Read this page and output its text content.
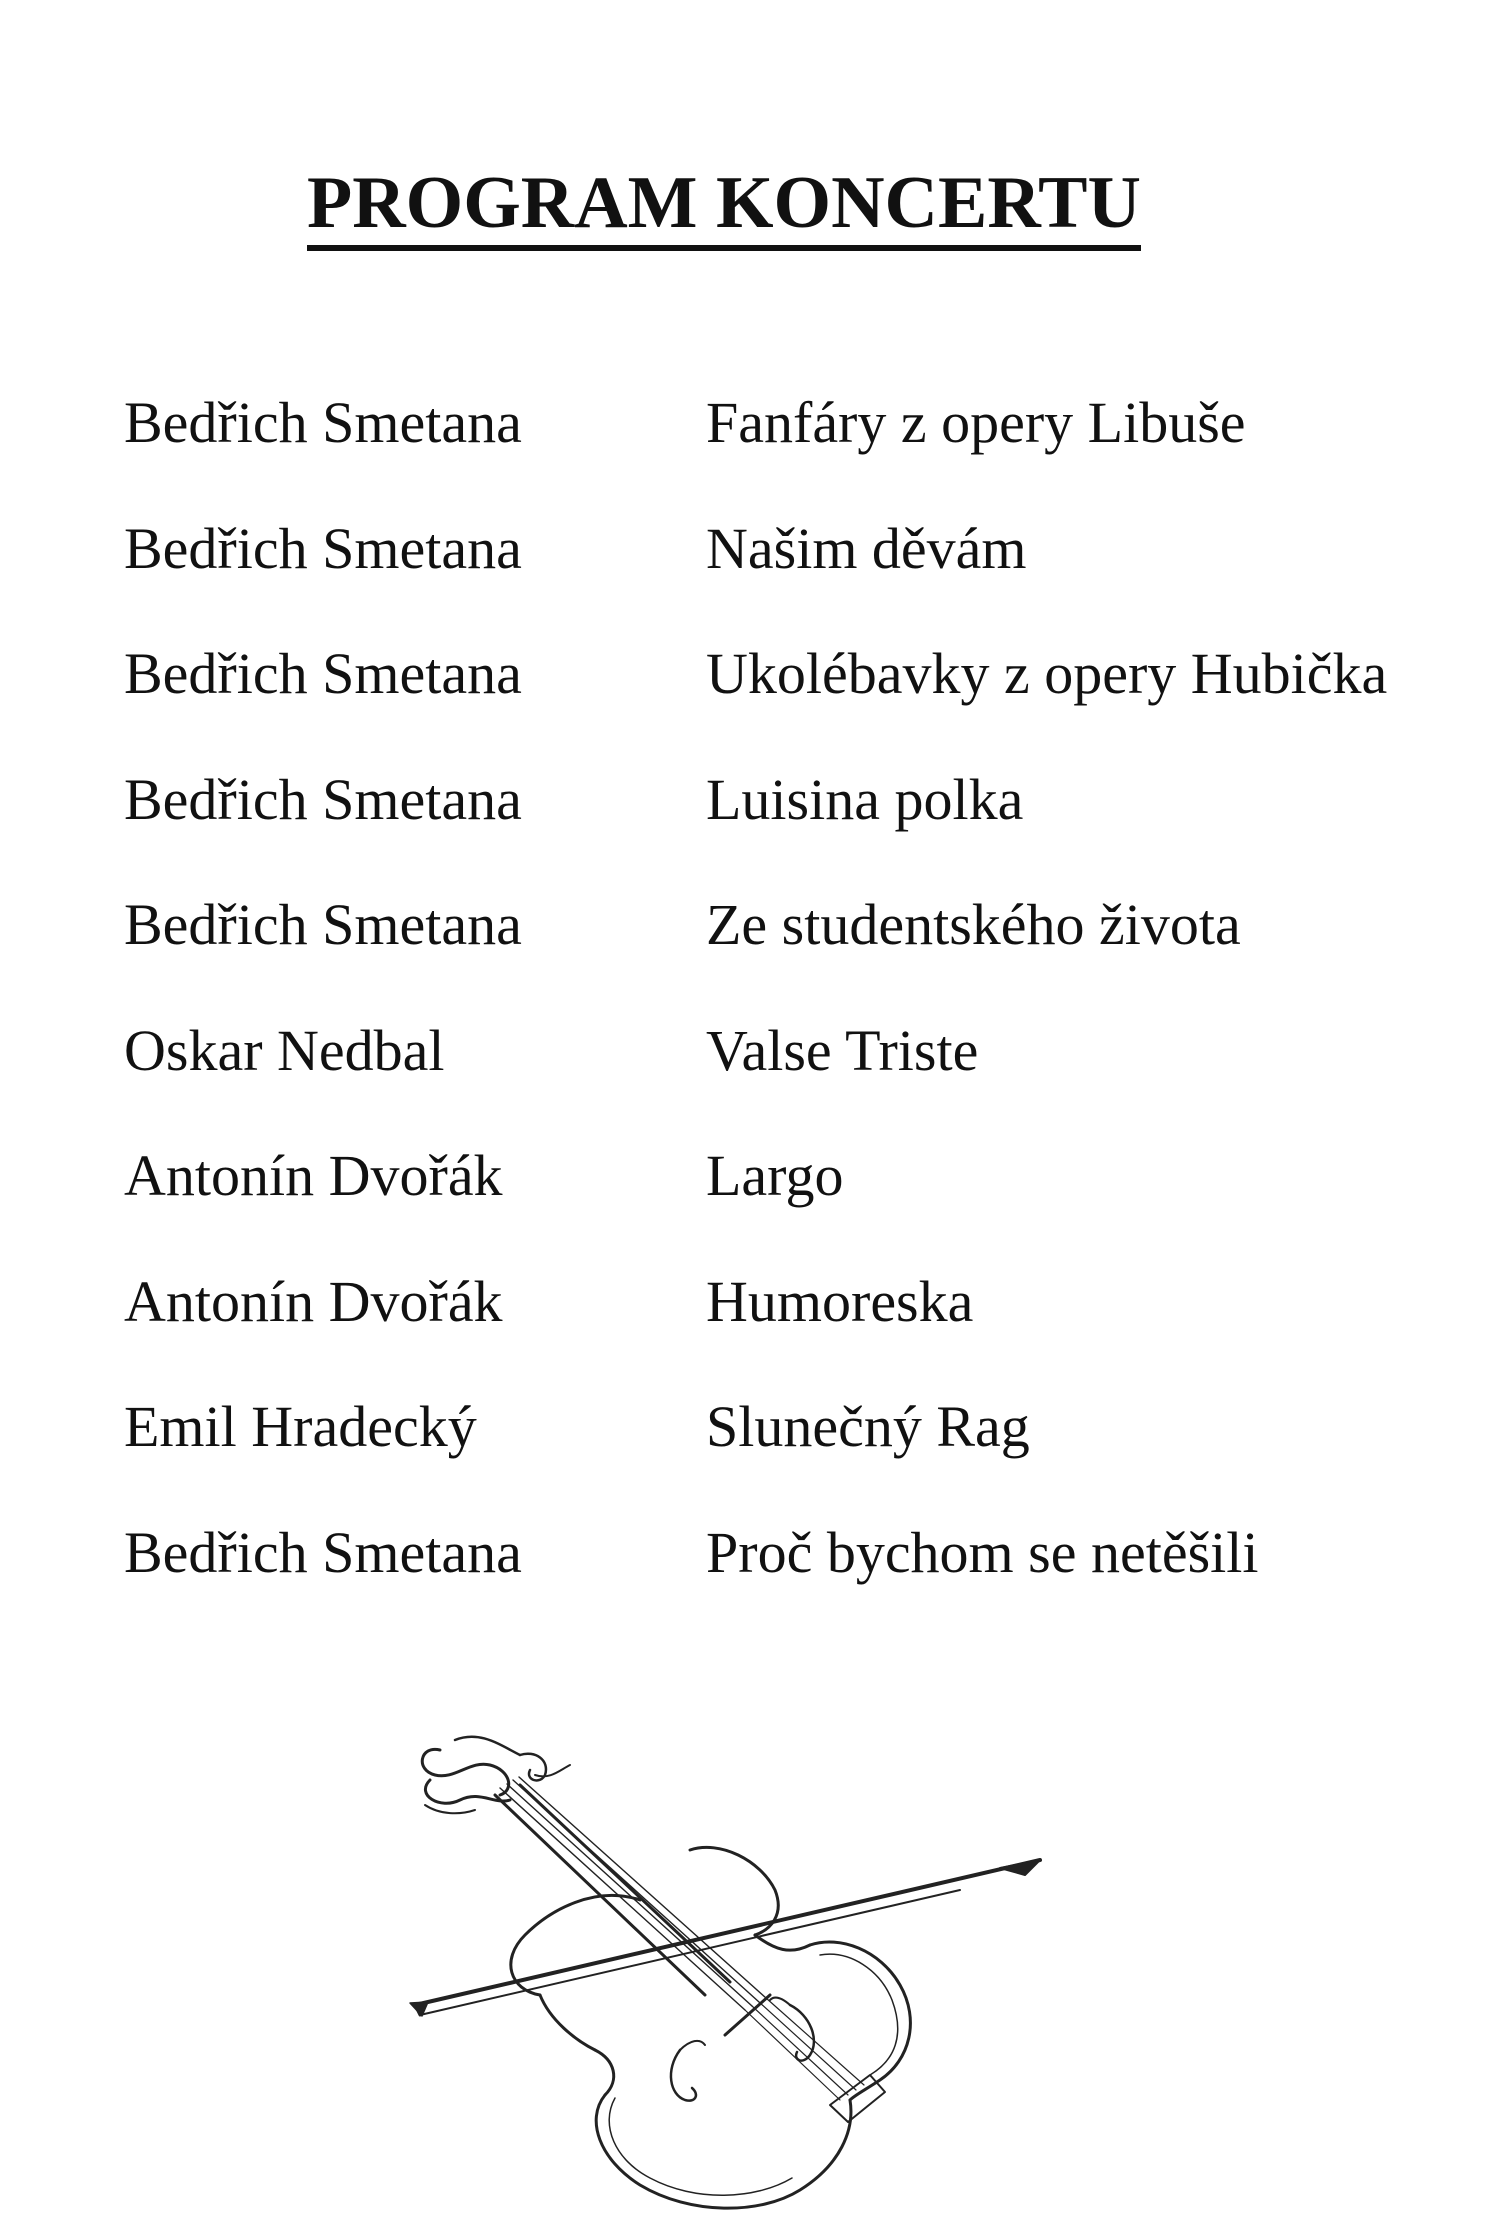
PROGRAM KONCERTU
Bedřich Smetana	Fanfáry z opery Libuše
Bedřich Smetana	Našim děvám
Bedřich Smetana	Ukolébavky z opery Hubička
Bedřich Smetana	Luisina polka
Bedřich Smetana	Ze studentského života
Oskar Nedbal	Valse Triste
Antonín Dvořák	Largo
Antonín Dvořák	Humoreska
Emil Hradecký	Slunečný Rag
Bedřich Smetana	Proč bychom se netěšili
